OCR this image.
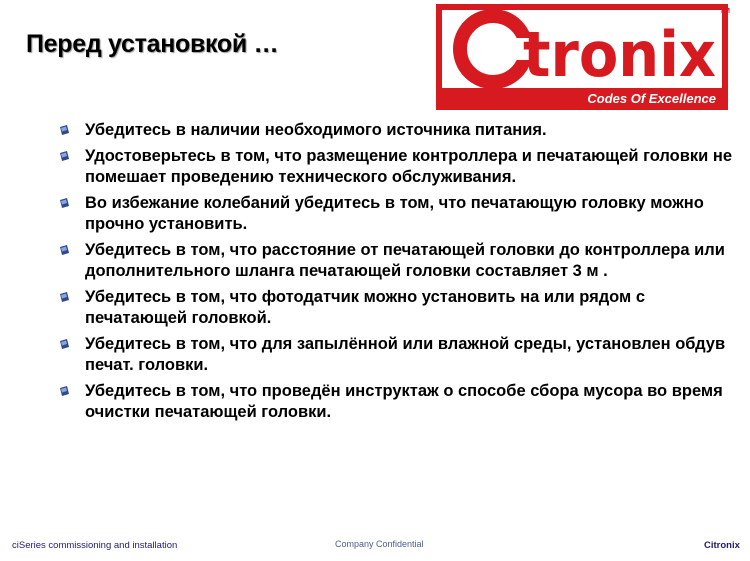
Перед установкой …	tronix
Codes Of Excellence
TM
Убедитесь в наличии необходимого источника питания.
Удостоверьтесь в том, что размещение контроллера и печатающей головки не помешает проведению технического обслуживания.
Во избежание колебаний убедитесь в том, что печатающую головку можно прочно установить.
Убедитесь в том, что расстояние от печатающей головки до контроллера или дополнительного шланга печатающей головки составляет 3 м .
Убедитесь в том, что фотодатчик можно установить на или рядом с печатающей головкой.
Убедитесь в том, что для запылённой или влажной среды, установлен обдув печат. головки.
Убедитесь в том, что проведён инструктаж о способе сбора мусора во время очистки печатающей головки.
ciSeries commissioning and installation	Company Confidential	Citronix
